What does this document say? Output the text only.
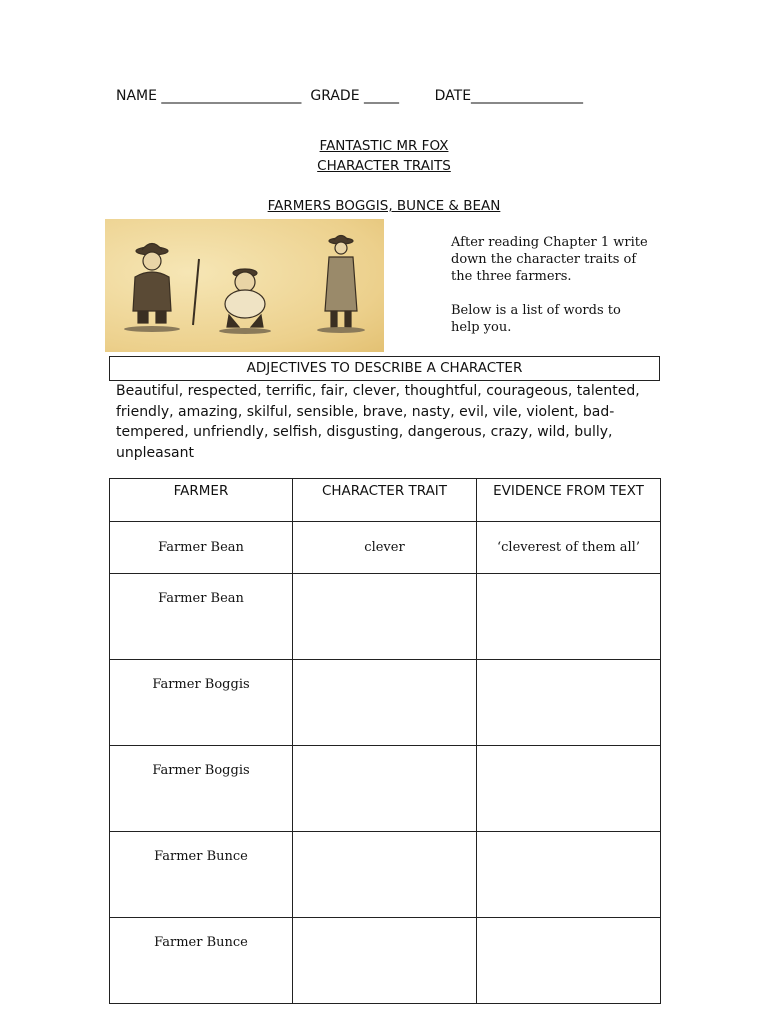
NAME ____________________ GRADE _____	DATE________________
FANTASTIC MR FOX
CHARACTER TRAITS
FARMERS BOGGIS, BUNCE & BEAN

After reading Chapter 1 write down the character traits of the three farmers.

Below is a list of words to help you.

ADJECTIVES TO DESCRIBE A CHARACTER
Beautiful, respected, terrific, fair, clever, thoughtful, courageous, talented, friendly, amazing, skilful, sensible, brave, nasty, evil, vile, violent, bad-tempered, unfriendly, selfish, disgusting, dangerous, crazy, wild, bully, unpleasant
FARMER	CHARACTER TRAIT	EVIDENCE FROM TEXT
Farmer Bean	clever	‘cleverest of them all’
Farmer Bean		
Farmer Boggis		
Farmer Boggis		
Farmer Bunce		
Farmer Bunce		
